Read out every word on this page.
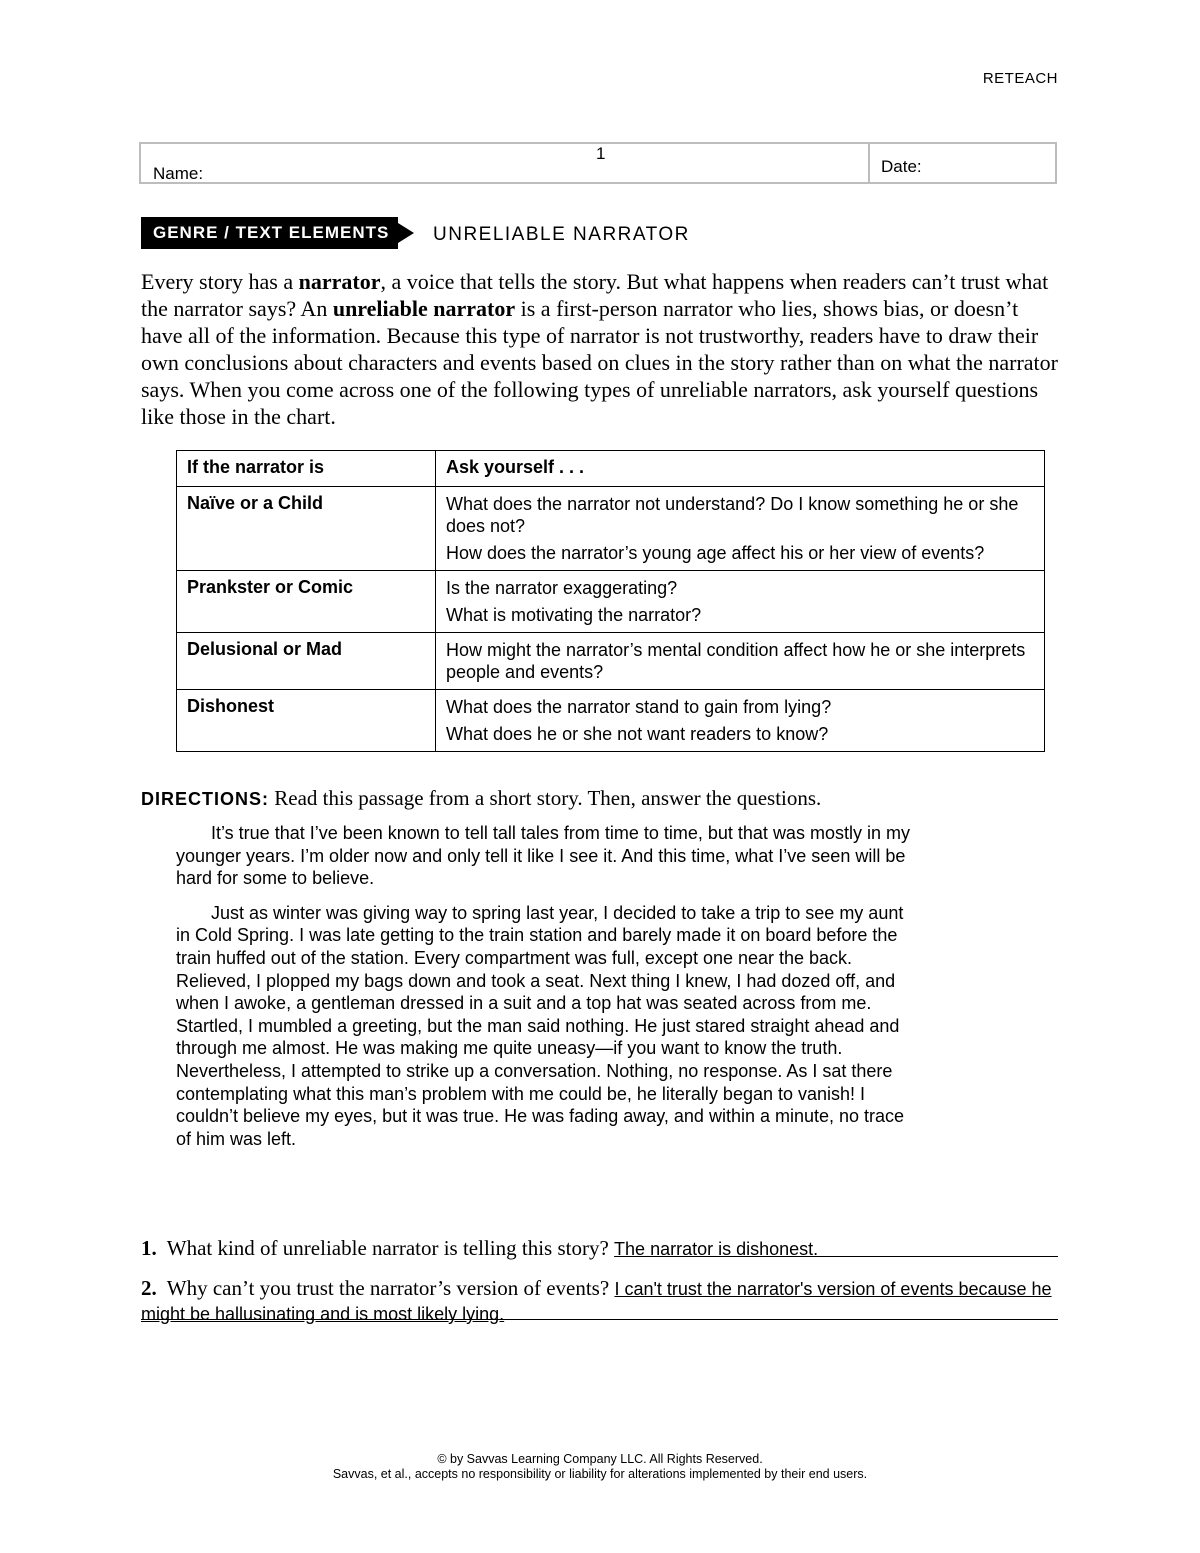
RETEACH
Name:
1
Date:
GENRE / TEXT ELEMENTS	UNRELIABLE NARRATOR

Every story has a narrator, a voice that tells the story. But what happens when readers can’t trust what the narrator says? An unreliable narrator is a first-person narrator who lies, shows bias, or doesn’t have all of the information. Because this type of narrator is not trustworthy, readers have to draw their own conclusions about characters and events based on clues in the story rather than on what the narrator says. When you come across one of the following types of unreliable narrators, ask yourself questions like those in the chart.

If the narrator is	Ask yourself . . .
Naïve or a Child	What does the narrator not understand? Do I know something he or she does not?
How does the narrator’s young age affect his or her view of events?

Prankster or Comic	Is the narrator exaggerating?
What is motivating the narrator?

Delusional or Mad	How might the narrator’s mental condition affect how he or she interprets people and events?

Dishonest	What does the narrator stand to gain from lying?
What does he or she not want readers to know?
DIRECTIONS: Read this passage from a short story. Then, answer the questions.

It’s true that I’ve been known to tell tall tales from time to time, but that was mostly in my younger years. I’m older now and only tell it like I see it. And this time, what I’ve seen will be hard for some to believe.

Just as winter was giving way to spring last year, I decided to take a trip to see my aunt in Cold Spring. I was late getting to the train station and barely made it on board before the train huffed out of the station. Every compartment was full, except one near the back. Relieved, I plopped my bags down and took a seat. Next thing I knew, I had dozed off, and when I awoke, a gentleman dressed in a suit and a top hat was seated across from me. Startled, I mumbled a greeting, but the man said nothing. He just stared straight ahead and through me almost. He was making me quite uneasy—if you want to know the truth. Nevertheless, I attempted to strike up a conversation. Nothing, no response. As I sat there contemplating what this man’s problem with me could be, he literally began to vanish! I couldn’t believe my eyes, but it was true. He was fading away, and within a minute, no trace of him was left.

1. What kind of unreliable narrator is telling this story? The narrator is dishonest.
2. Why can’t you trust the narrator’s version of events? I can't trust the narrator's version of events because he might be hallusinating and is most likely lying.
© by Savvas Learning Company LLC. All Rights Reserved.
Savvas, et al., accepts no responsibility or liability for alterations implemented by their end users.
